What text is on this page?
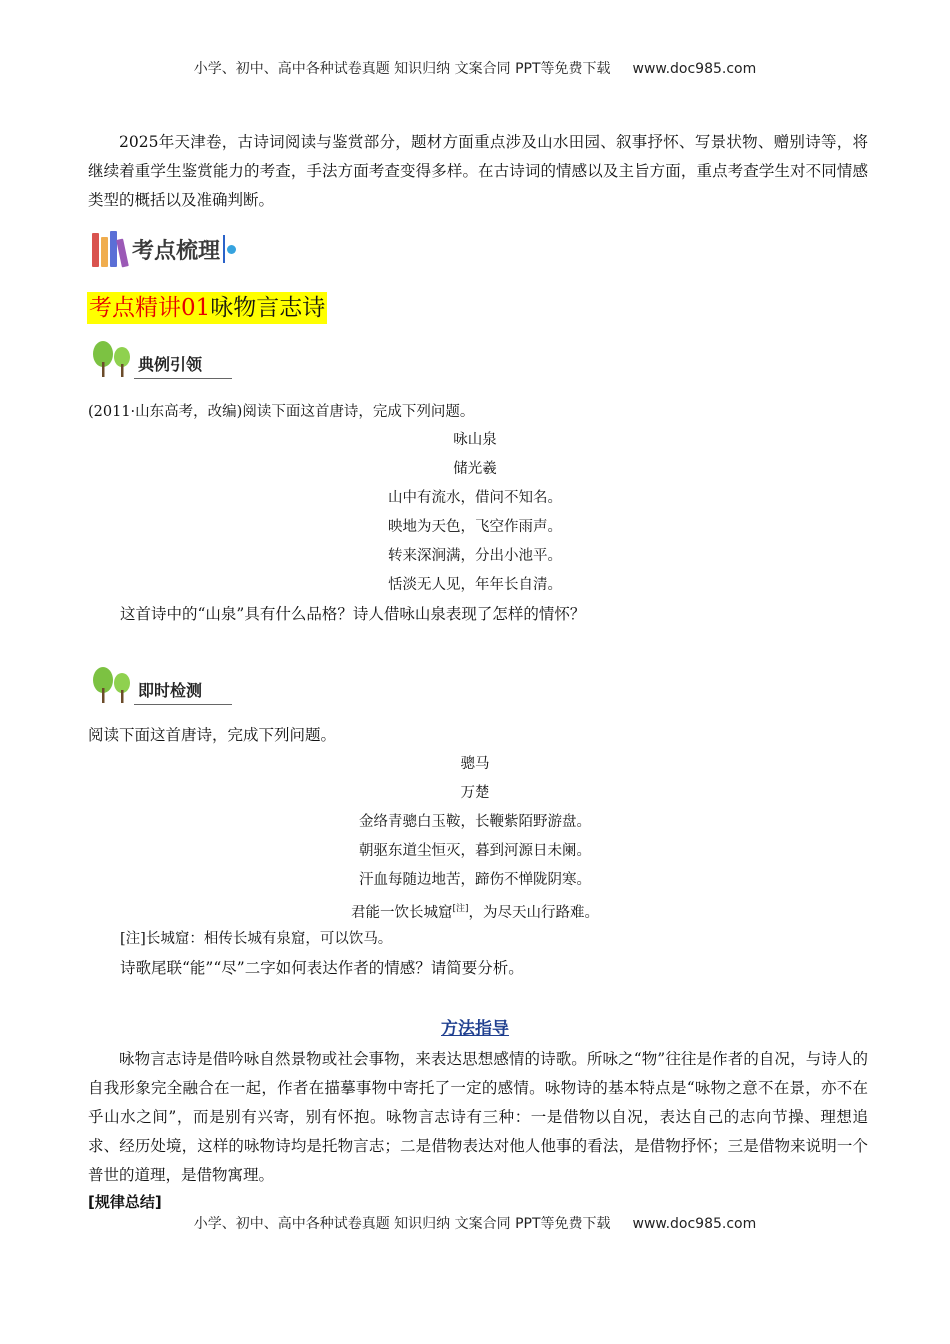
小学、初中、高中各种试卷真题 知识归纳 文案合同 PPT等免费下载 www.doc985.com
2025年天津卷，古诗词阅读与鉴赏部分，题材方面重点涉及山水田园、叙事抒怀、写景状物、赠别诗等，将继续着重学生鉴赏能力的考查，手法方面考查变得多样。在古诗词的情感以及主旨方面，重点考查学生对不同情感类型的概括以及准确判断。
考点梳理
考点精讲01咏物言志诗
典例引领
(2011·山东高考，改编)阅读下面这首唐诗，完成下列问题。
咏山泉
储光羲
山中有流水，借问不知名。
映地为天色，飞空作雨声。
转来深涧满，分出小池平。
恬淡无人见，年年长自清。
这首诗中的“山泉”具有什么品格？诗人借咏山泉表现了怎样的情怀？
即时检测
阅读下面这首唐诗，完成下列问题。
骢马
万楚
金络青骢白玉鞍，长鞭紫陌野游盘。
朝驱东道尘恒灭，暮到河源日未阑。
汗血每随边地苦，蹄伤不惮陇阴寒。
君能一饮长城窟[注]，为尽天山行路难。
[注]长城窟：相传长城有泉窟，可以饮马。
诗歌尾联“能”“尽”二字如何表达作者的情感？请简要分析。
方法指导
咏物言志诗是借吟咏自然景物或社会事物，来表达思想感情的诗歌。所咏之“物”往往是作者的自况，与诗人的自我形象完全融合在一起，作者在描摹事物中寄托了一定的感情。咏物诗的基本特点是“咏物之意不在景，亦不在乎山水之间”，而是别有兴寄，别有怀抱。咏物言志诗有三种：一是借物以自况，表达自己的志向节操、理想追求、经历处境，这样的咏物诗均是托物言志；二是借物表达对他人他事的看法，是借物抒怀；三是借物来说明一个普世的道理，是借物寓理。
[规律总结]
小学、初中、高中各种试卷真题 知识归纳 文案合同 PPT等免费下载 www.doc985.com
